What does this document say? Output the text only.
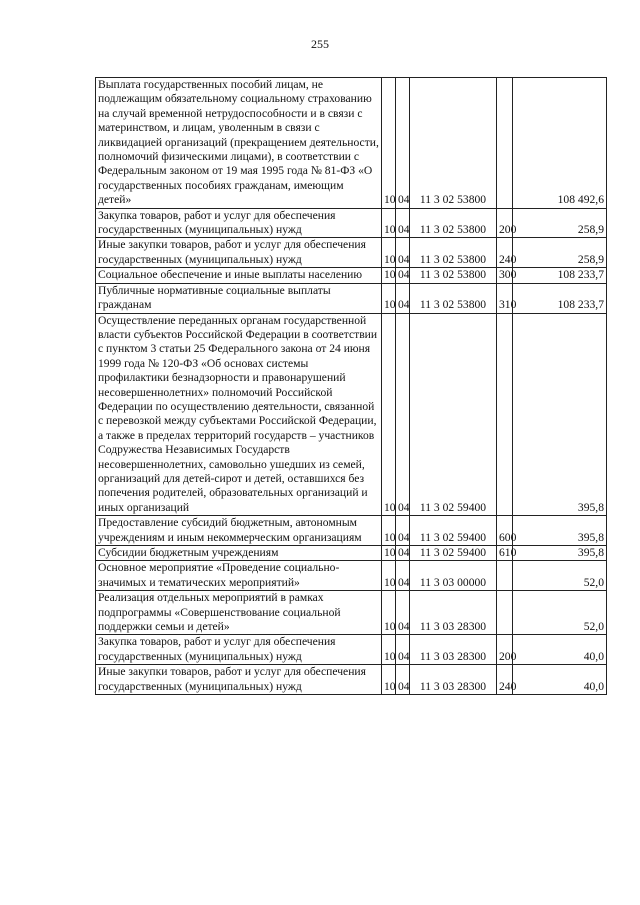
255
Выплата государственных пособий лицам, не подлежащим обязательному социальному страхованию на случай временной нетрудоспособности и в связи с материнством, и лицам, уволенным в связи с ликвидацией организаций (прекращением деятельности, полномочий физическими лицами), в соответствии с Федеральным законом от 19 мая 1995 года № 81-ФЗ «О государственных пособиях гражданам, имеющим детей»	10	04	11 3 02 53800		108 492,6
Закупка товаров, работ и услуг для обеспечения государственных (муниципальных) нужд	10	04	11 3 02 53800	200	258,9
Иные закупки товаров, работ и услуг для обеспечения государственных (муниципальных) нужд	10	04	11 3 02 53800	240	258,9
Социальное обеспечение и иные выплаты населению	10	04	11 3 02 53800	300	108 233,7
Публичные нормативные социальные выплаты гражданам	10	04	11 3 02 53800	310	108 233,7
Осуществление переданных органам государственной власти субъектов Российской Федерации в соответствии с пунктом 3 статьи 25 Федерального закона от 24 июня 1999 года № 120-ФЗ «Об основах системы профилактики безнадзорности и правонарушений несовершеннолетних» полномочий Российской Федерации по осуществлению деятельности, связанной с перевозкой между субъектами Российской Федерации, а также в пределах территорий государств – участников Содружества Независимых Государств несовершеннолетних, самовольно ушедших из семей, организаций для детей-сирот и детей, оставшихся без попечения родителей, образовательных организаций и иных организаций	10	04	11 3 02 59400		395,8
Предоставление субсидий бюджетным, автономным учреждениям и иным некоммерческим организациям	10	04	11 3 02 59400	600	395,8
Субсидии бюджетным учреждениям	10	04	11 3 02 59400	610	395,8
Основное мероприятие «Проведение социально-значимых и тематических мероприятий»	10	04	11 3 03 00000		52,0
Реализация отдельных мероприятий в рамках подпрограммы «Совершенствование социальной поддержки семьи и детей»	10	04	11 3 03 28300		52,0
Закупка товаров, работ и услуг для обеспечения государственных (муниципальных) нужд	10	04	11 3 03 28300	200	40,0
Иные закупки товаров, работ и услуг для обеспечения государственных (муниципальных) нужд	10	04	11 3 03 28300	240	40,0
